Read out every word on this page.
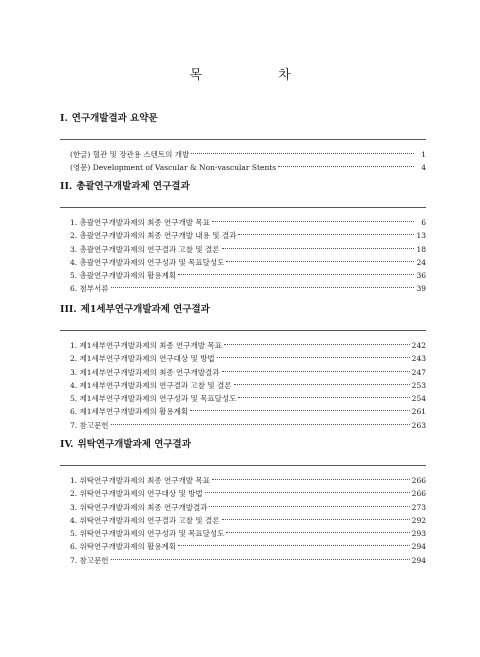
목 차
I. 연구개발결과 요약문
(한글) 혈관 및 장관용 스텐트의 개발	1
(영문) Development of Vascular & Non-vascular Stents	4
II. 총괄연구개발과제 연구결과
1. 총괄연구개발과제의 최종 연구개발 목표	6
2. 총괄연구개발과제의 최종 연구개발 내용 및 결과	13
3. 총괄연구개발과제의 연구결과 고찰 및 결론	18
4. 총괄연구개발과제의 연구성과 및 목표달성도	24
5. 총괄연구개발과제의 활용계획	36
6. 첨부서류	39
III. 제1세부연구개발과제 연구결과
1. 제1세부연구개발과제의 최종 연구개발 목표	242
2. 제1세부연구개발과제의 연구대상 및 방법	243
3. 제1세부연구개발과제의 최종 연구개발결과	247
4. 제1세부연구개발과제의 연구결과 고찰 및 결론	253
5. 제1세부연구개발과제의 연구성과 및 목표달성도	254
6. 제1세부연구개발과제의 활용계획	261
7. 참고문헌	263
IV. 위탁연구개발과제 연구결과
1. 위탁연구개발과제의 최종 연구개발 목표	266
2. 위탁연구개발과제의 연구대상 및 방법	266
3. 위탁연구개발과제의 최종 연구개발결과	273
4. 위탁연구개발과제의 연구결과 고찰 및 결론	292
5. 위탁연구개발과제의 연구성과 및 목표달성도	293
6. 위탁연구개발과제의 활용계획	294
7. 참고문헌	294
